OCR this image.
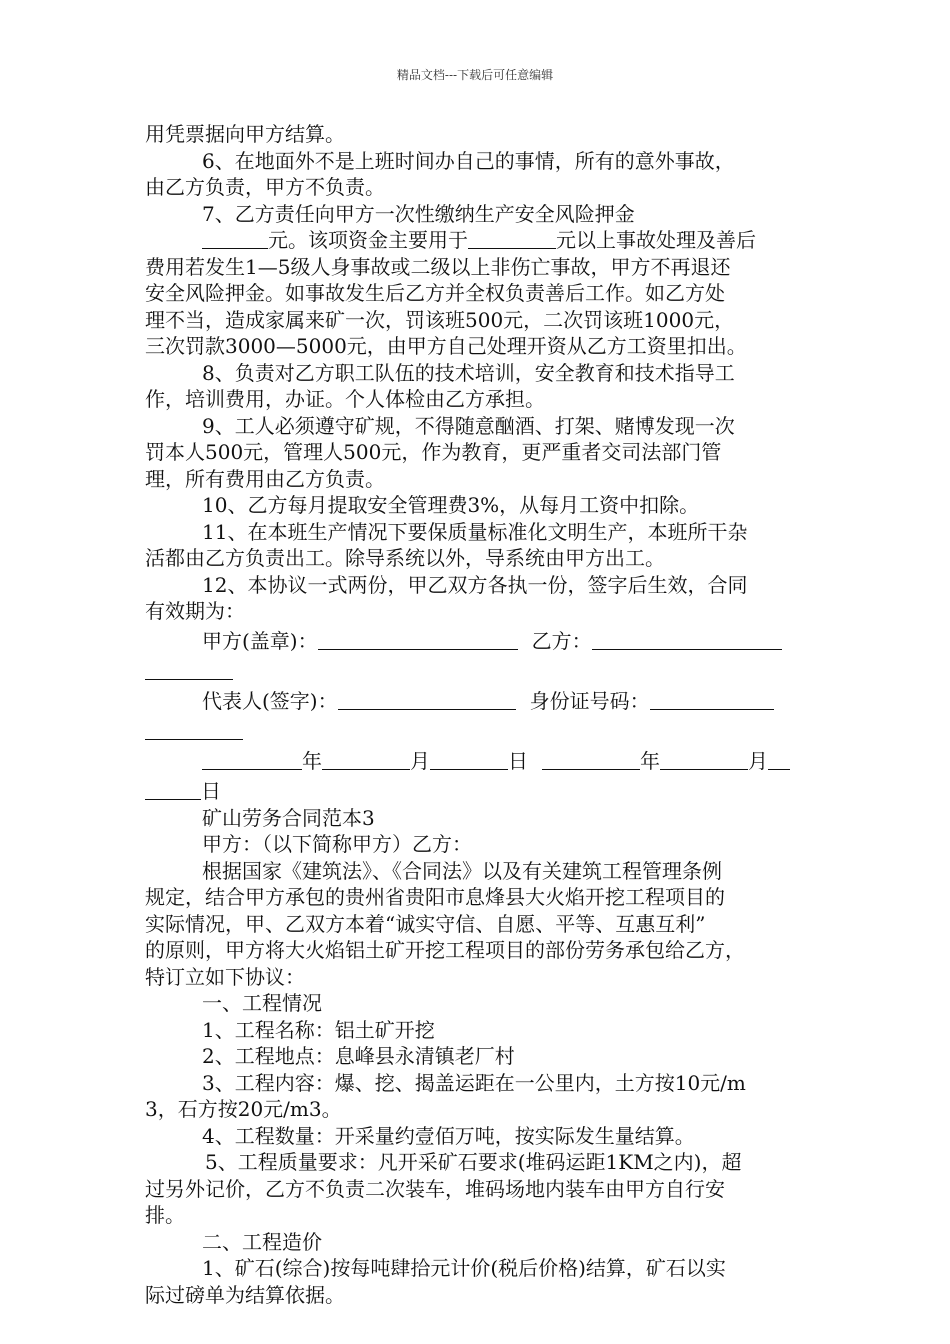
精品文档---下载后可任意编辑
用凭票据向甲方结算。
6、在地面外不是上班时间办自己的事情，所有的意外事故，
由乙方负责，甲方不负责。
7、乙方责任向甲方一次性缴纳生产安全风险押金
元。该项资金主要用于	元以上事故处理及善后
费用若发生1—5级人身事故或二级以上非伤亡事故，甲方不再退还
安全风险押金。如事故发生后乙方并全权负责善后工作。如乙方处
理不当，造成家属来矿一次，罚该班500元，二次罚该班1000元，
三次罚款3000—5000元，由甲方自己处理开资从乙方工资里扣出。
8、负责对乙方职工队伍的技术培训，安全教育和技术指导工
作，培训费用，办证。个人体检由乙方承担。
9、工人必须遵守矿规，不得随意酗酒、打架、赌博发现一次
罚本人500元，管理人500元，作为教育，更严重者交司法部门管
理，所有费用由乙方负责。
10、乙方每月提取安全管理费3%，从每月工资中扣除。
11、在本班生产情况下要保质量标准化文明生产，本班所干杂
活都由乙方负责出工。除导系统以外，导系统由甲方出工。
12、本协议一式两份，甲乙双方各执一份，签字后生效，合同
有效期为：
甲方(盖章)：	乙方：
代表人(签字)：	身份证号码：
年	月	日	年	月
日
矿山劳务合同范本3
甲方：（以下简称甲方）乙方：
根据国家《建筑法》、《合同法》以及有关建筑工程管理条例
规定，结合甲方承包的贵州省贵阳市息烽县大火焰开挖工程项目的
实际情况，甲、乙双方本着“诚实守信、自愿、平等、互惠互利”
的原则，甲方将大火焰铝土矿开挖工程项目的部份劳务承包给乙方，
特订立如下协议：
一、工程情况
1、工程名称：铝土矿开挖
2、工程地点：息峰县永清镇老厂村
3、工程内容：爆、挖、揭盖运距在一公里内，土方按10元/m
3，石方按20元/m3。
4、工程数量：开采量约壹佰万吨，按实际发生量结算。
5、工程质量要求：凡开采矿石要求(堆码运距1KM之内)，超
过另外记价，乙方不负责二次装车，堆码场地内装车由甲方自行安
排。
二、工程造价
1、矿石(综合)按每吨肆拾元计价(税后价格)结算，矿石以实
际过磅单为结算依据。
